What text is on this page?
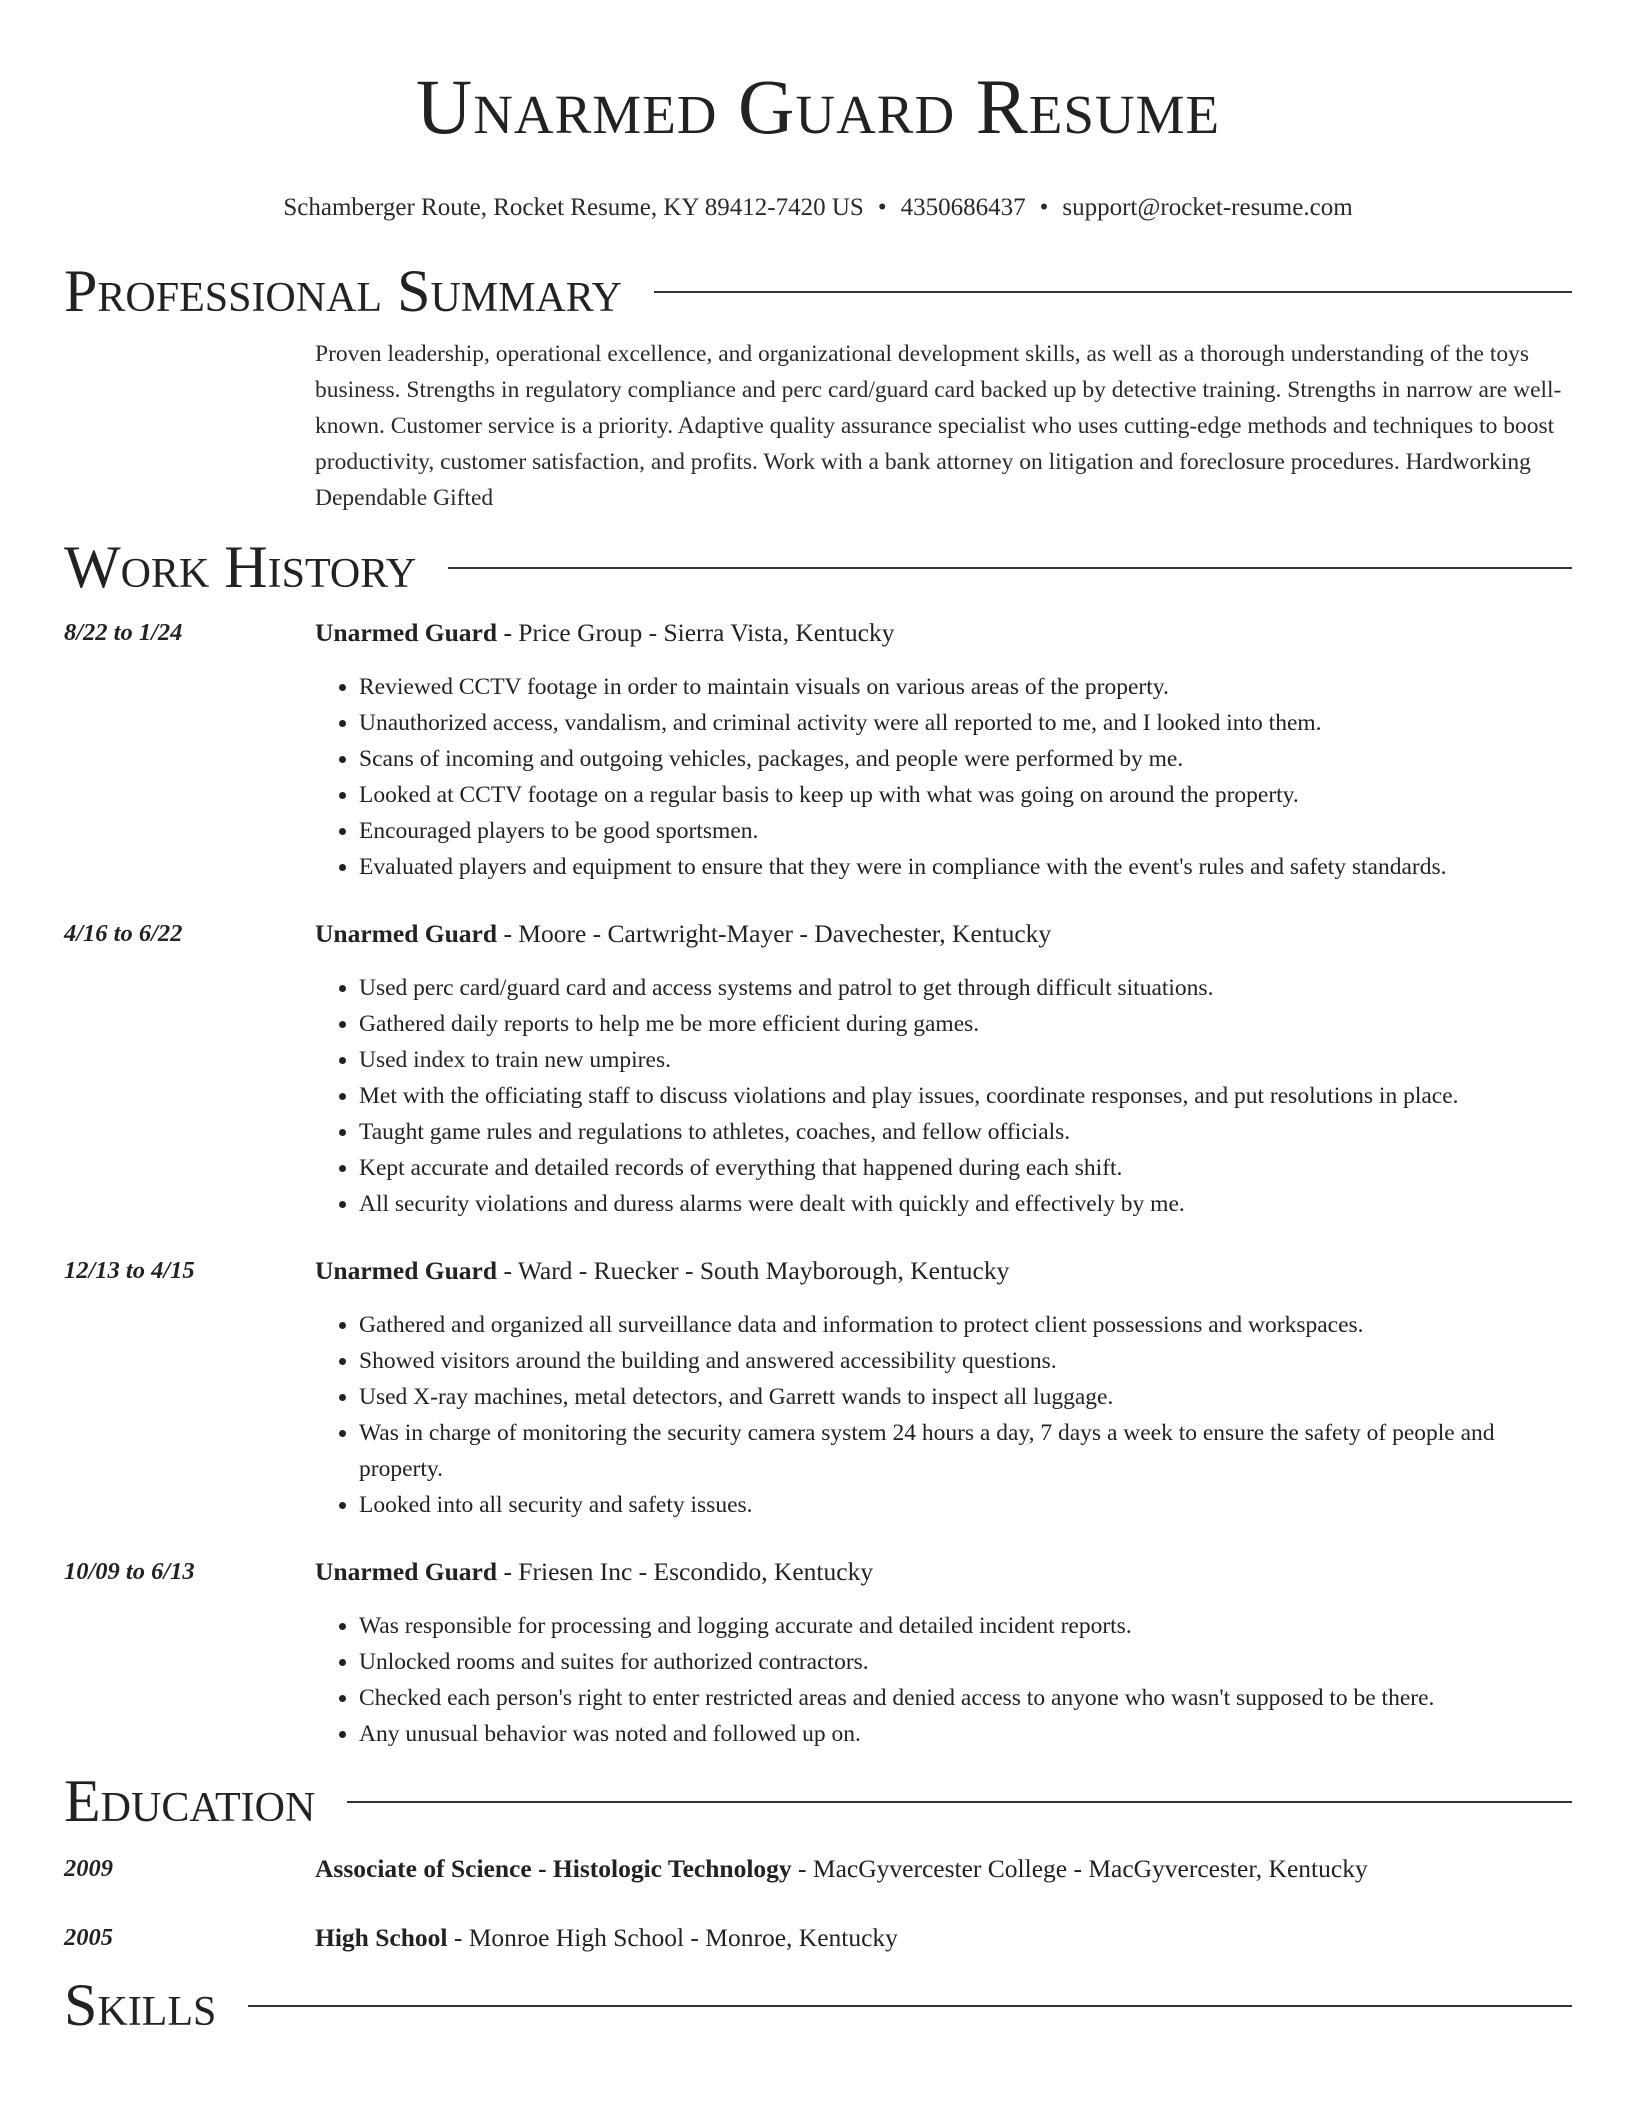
Unarmed Guard Resume
Schamberger Route, Rocket Resume, KY 89412-7420 US • 4350686437 • support@rocket-resume.com
Professional Summary
Proven leadership, operational excellence, and organizational development skills, as well as a thorough understanding of the toys business. Strengths in regulatory compliance and perc card/guard card backed up by detective training. Strengths in narrow are well-known. Customer service is a priority. Adaptive quality assurance specialist who uses cutting-edge methods and techniques to boost productivity, customer satisfaction, and profits. Work with a bank attorney on litigation and foreclosure procedures. Hardworking Dependable Gifted
Work History
8/22 to 1/24	Unarmed Guard - Price Group - Sierra Vista, Kentucky
• Reviewed CCTV footage in order to maintain visuals on various areas of the property.
• Unauthorized access, vandalism, and criminal activity were all reported to me, and I looked into them.
• Scans of incoming and outgoing vehicles, packages, and people were performed by me.
• Looked at CCTV footage on a regular basis to keep up with what was going on around the property.
• Encouraged players to be good sportsmen.
• Evaluated players and equipment to ensure that they were in compliance with the event's rules and safety standards.
4/16 to 6/22	Unarmed Guard - Moore - Cartwright-Mayer - Davechester, Kentucky
• Used perc card/guard card and access systems and patrol to get through difficult situations.
• Gathered daily reports to help me be more efficient during games.
• Used index to train new umpires.
• Met with the officiating staff to discuss violations and play issues, coordinate responses, and put resolutions in place.
• Taught game rules and regulations to athletes, coaches, and fellow officials.
• Kept accurate and detailed records of everything that happened during each shift.
• All security violations and duress alarms were dealt with quickly and effectively by me.
12/13 to 4/15	Unarmed Guard - Ward - Ruecker - South Mayborough, Kentucky
• Gathered and organized all surveillance data and information to protect client possessions and workspaces.
• Showed visitors around the building and answered accessibility questions.
• Used X-ray machines, metal detectors, and Garrett wands to inspect all luggage.
• Was in charge of monitoring the security camera system 24 hours a day, 7 days a week to ensure the safety of people and property.
• Looked into all security and safety issues.
10/09 to 6/13	Unarmed Guard - Friesen Inc - Escondido, Kentucky
• Was responsible for processing and logging accurate and detailed incident reports.
• Unlocked rooms and suites for authorized contractors.
• Checked each person's right to enter restricted areas and denied access to anyone who wasn't supposed to be there.
• Any unusual behavior was noted and followed up on.
Education
2009	Associate of Science - Histologic Technology - MacGyvercester College - MacGyvercester, Kentucky
2005	High School - Monroe High School - Monroe, Kentucky
Skills
